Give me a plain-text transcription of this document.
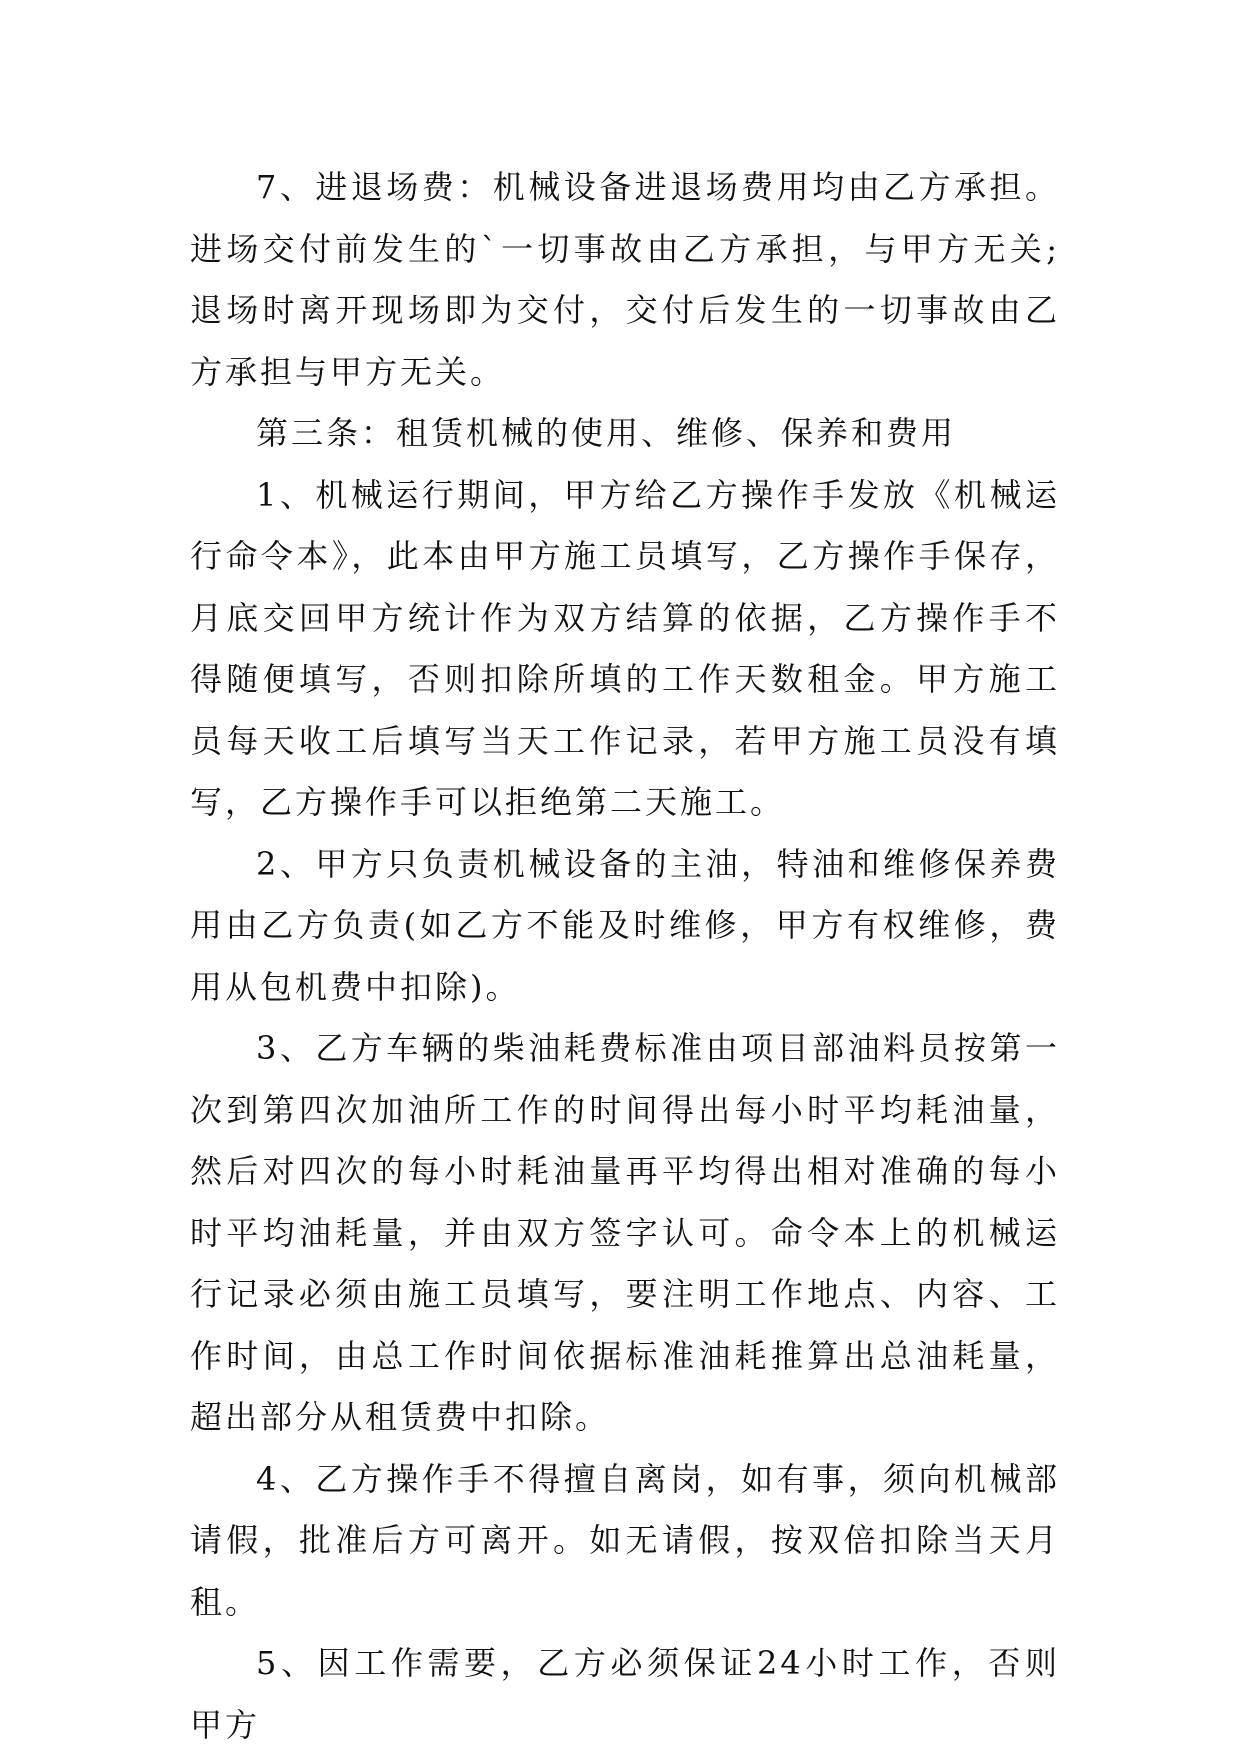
7、进退场费：机械设备进退场费用均由乙方承担。进场交付前发生的`一切事故由乙方承担，与甲方无关;退场时离开现场即为交付，交付后发生的一切事故由乙方承担与甲方无关。

第三条：租赁机械的使用、维修、保养和费用

1、机械运行期间，甲方给乙方操作手发放《机械运行命令本》，此本由甲方施工员填写，乙方操作手保存，月底交回甲方统计作为双方结算的依据，乙方操作手不得随便填写，否则扣除所填的工作天数租金。甲方施工员每天收工后填写当天工作记录，若甲方施工员没有填写，乙方操作手可以拒绝第二天施工。

2、甲方只负责机械设备的主油，特油和维修保养费用由乙方负责(如乙方不能及时维修，甲方有权维修，费用从包机费中扣除)。

3、乙方车辆的柴油耗费标准由项目部油料员按第一次到第四次加油所工作的时间得出每小时平均耗油量，然后对四次的每小时耗油量再平均得出相对准确的每小时平均油耗量，并由双方签字认可。命令本上的机械运行记录必须由施工员填写，要注明工作地点、内容、工作时间，由总工作时间依据标准油耗推算出总油耗量，超出部分从租赁费中扣除。

4、乙方操作手不得擅自离岗，如有事，须向机械部请假，批准后方可离开。如无请假，按双倍扣除当天月租。

5、因工作需要，乙方必须保证24小时工作，否则甲方
